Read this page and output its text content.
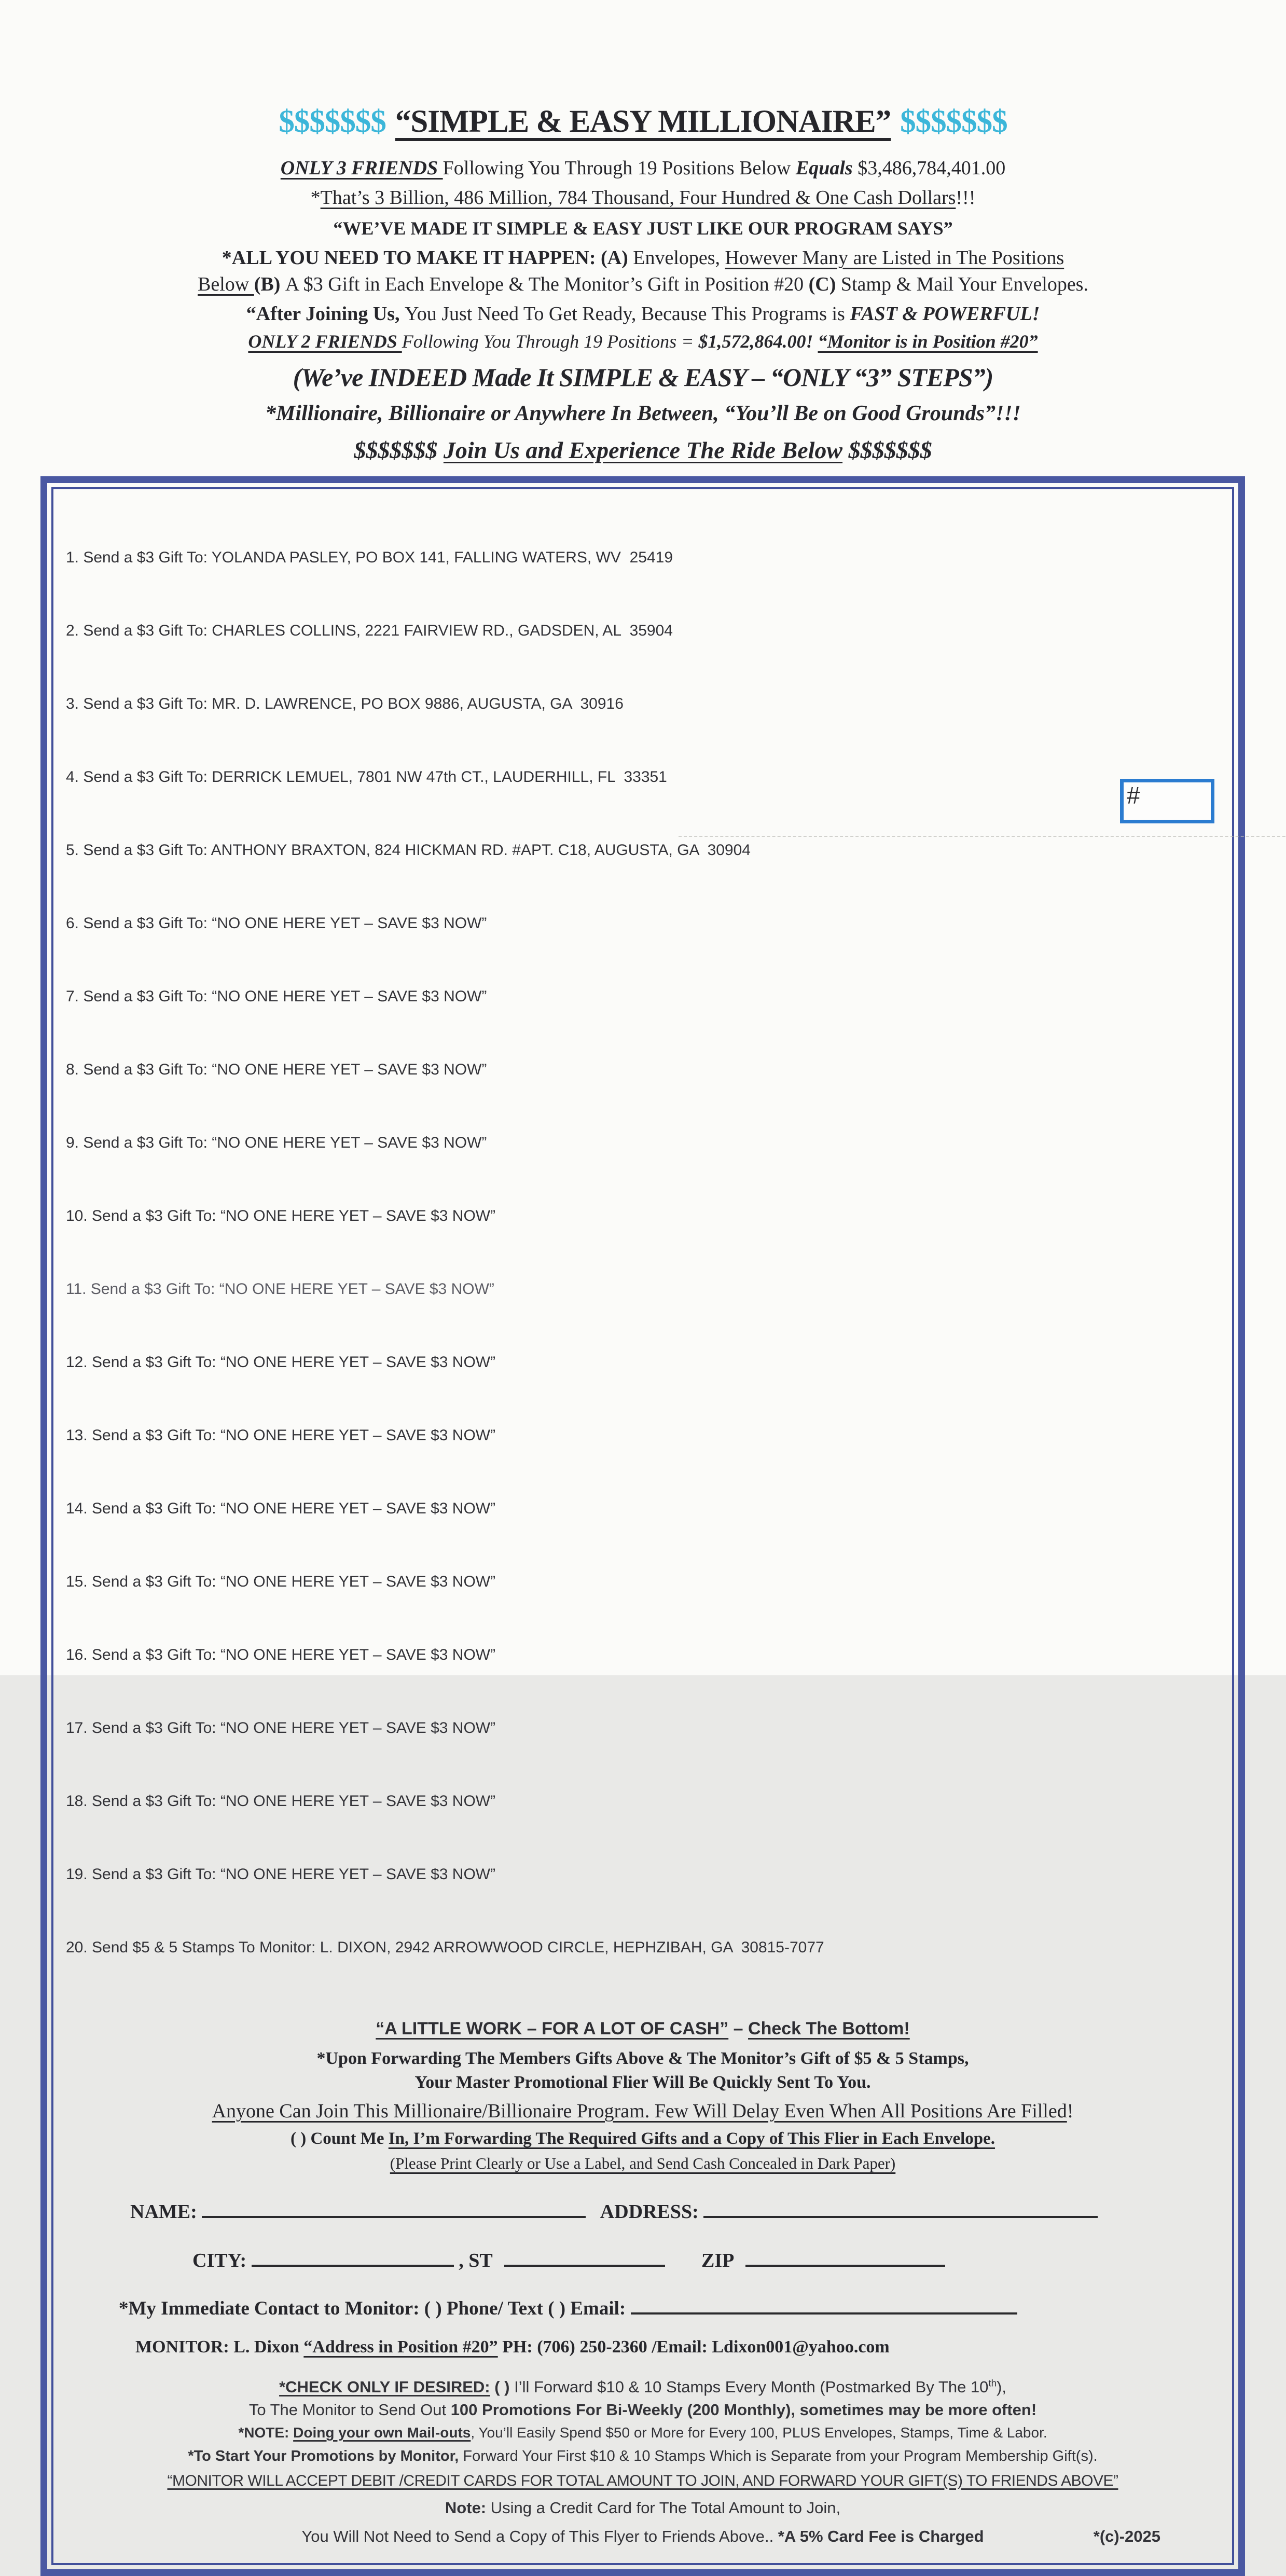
$$$$$$$ “SIMPLE & EASY MILLIONAIRE” $$$$$$$
ONLY 3 FRIENDS Following You Through 19 Positions Below Equals $3,486,784,401.00
*That’s 3 Billion, 486 Million, 784 Thousand, Four Hundred & One Cash Dollars!!!
“WE’VE MADE IT SIMPLE & EASY JUST LIKE OUR PROGRAM SAYS”
*ALL YOU NEED TO MAKE IT HAPPEN: (A) Envelopes, However Many are Listed in The Positions
Below (B) A $3 Gift in Each Envelope & The Monitor’s Gift in Position #20 (C) Stamp & Mail Your Envelopes.
“After Joining Us, You Just Need To Get Ready, Because This Programs is FAST & POWERFUL!
ONLY 2 FRIENDS Following You Through 19 Positions = $1,572,864.00! “Monitor is in Position #20”
(We’ve INDEED Made It SIMPLE & EASY – “ONLY “3” STEPS”)
*Millionaire, Billionaire or Anywhere In Between, “You’ll Be on Good Grounds”!!!
$$$$$$$ Join Us and Experience The Ride Below $$$$$$$

1. Send a $3 Gift To: YOLANDA PASLEY, PO BOX 141, FALLING WATERS, WV  25419

2. Send a $3 Gift To: CHARLES COLLINS, 2221 FAIRVIEW RD., GADSDEN, AL  35904

3. Send a $3 Gift To: MR. D. LAWRENCE, PO BOX 9886, AUGUSTA, GA  30916

4. Send a $3 Gift To: DERRICK LEMUEL, 7801 NW 47th CT., LAUDERHILL, FL  33351

5. Send a $3 Gift To: ANTHONY BRAXTON, 824 HICKMAN RD. #APT. C18, AUGUSTA, GA  30904

6. Send a $3 Gift To: “NO ONE HERE YET – SAVE $3 NOW”

7. Send a $3 Gift To: “NO ONE HERE YET – SAVE $3 NOW”

8. Send a $3 Gift To: “NO ONE HERE YET – SAVE $3 NOW”

9. Send a $3 Gift To: “NO ONE HERE YET – SAVE $3 NOW”

10. Send a $3 Gift To: “NO ONE HERE YET – SAVE $3 NOW”

11. Send a $3 Gift To: “NO ONE HERE YET – SAVE $3 NOW”

12. Send a $3 Gift To: “NO ONE HERE YET – SAVE $3 NOW”

13. Send a $3 Gift To: “NO ONE HERE YET – SAVE $3 NOW”

14. Send a $3 Gift To: “NO ONE HERE YET – SAVE $3 NOW”

15. Send a $3 Gift To: “NO ONE HERE YET – SAVE $3 NOW”

16. Send a $3 Gift To: “NO ONE HERE YET – SAVE $3 NOW”

17. Send a $3 Gift To: “NO ONE HERE YET – SAVE $3 NOW”

18. Send a $3 Gift To: “NO ONE HERE YET – SAVE $3 NOW”

19. Send a $3 Gift To: “NO ONE HERE YET – SAVE $3 NOW”

20. Send $5 & 5 Stamps To Monitor: L. DIXON, 2942 ARROWWOOD CIRCLE, HEPHZIBAH, GA  30815-7077

#
“A LITTLE WORK – FOR A LOT OF CASH” – Check The Bottom!
*Upon Forwarding The Members Gifts Above & The Monitor’s Gift of $5 & 5 Stamps,
Your Master Promotional Flier Will Be Quickly Sent To You.
Anyone Can Join This Millionaire/Billionaire Program. Few Will Delay Even When All Positions Are Filled!
( ) Count Me In, I’m Forwarding The Required Gifts and a Copy of This Flier in Each Envelope.
(Please Print Clearly or Use a Label, and Send Cash Concealed in Dark Paper)
NAME:	ADDRESS:
CITY:	, ST	ZIP
*My Immediate Contact to Monitor: ( ) Phone/ Text ( ) Email:
MONITOR: L. Dixon “Address in Position #20” PH: (706) 250-2360 /Email: Ldixon001@yahoo.com
*CHECK ONLY IF DESIRED: ( ) I’ll Forward $10 & 10 Stamps Every Month (Postmarked By The 10th),
To The Monitor to Send Out 100 Promotions For Bi-Weekly (200 Monthly), sometimes may be more often!
*NOTE: Doing your own Mail-outs, You’ll Easily Spend $50 or More for Every 100, PLUS Envelopes, Stamps, Time & Labor.
*To Start Your Promotions by Monitor, Forward Your First $10 & 10 Stamps Which is Separate from your Program Membership Gift(s).
“MONITOR WILL ACCEPT DEBIT /CREDIT CARDS FOR TOTAL AMOUNT TO JOIN, AND FORWARD YOUR GIFT(S) TO FRIENDS ABOVE”
Note: Using a Credit Card for The Total Amount to Join,
You Will Not Need to Send a Copy of This Flyer to Friends Above.. *A 5% Card Fee is Charged	*(c)-2025
